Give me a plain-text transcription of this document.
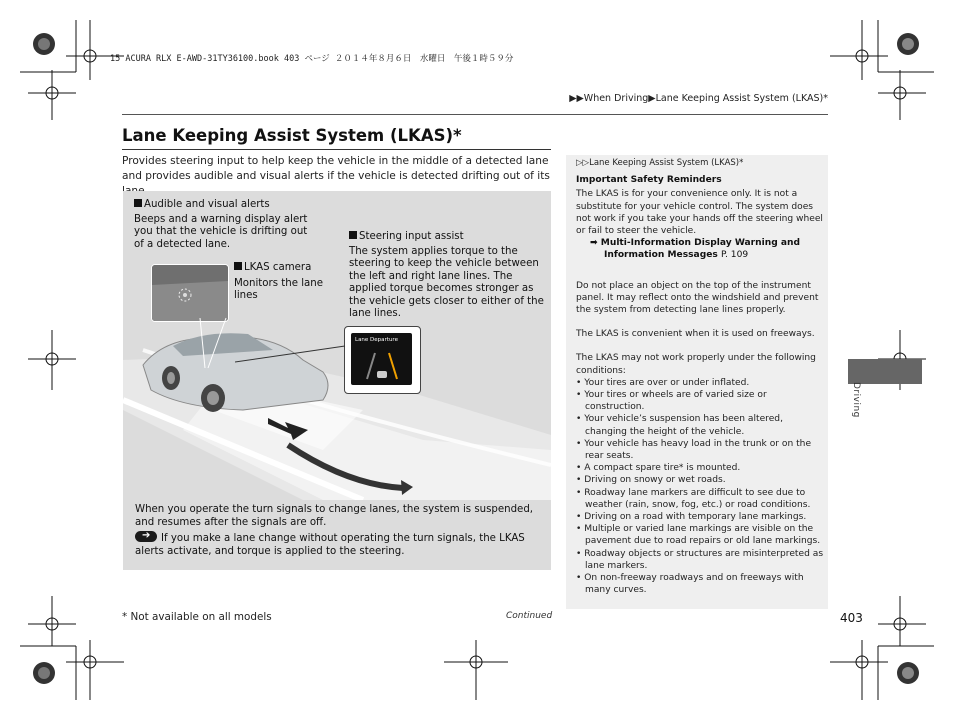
15 ACURA RLX E-AWD-31TY36100.book 403 ページ ２０１４年８月６日　水曜日　午後１時５９分
▶▶When Driving▶Lane Keeping Assist System (LKAS)*
Lane Keeping Assist System (LKAS)*
Provides steering input to help keep the vehicle in the middle of a detected lane and provides audible and visual alerts if the vehicle is detected drifting out of its
Lane Departure
Audible and visual alerts
Beeps and a warning display alert you that the vehicle is drifting out of a detected lane.
Steering input assist
The system applies torque to the steering to keep the vehicle between the left and right lane lines. The applied torque becomes stronger as the vehicle gets closer to either of the lane lines.
LKAS camera
Monitors the lane lines
When you operate the turn signals to change lanes, the system is suspended, and resumes after the signals are off.
➔ If you make a lane change without operating the turn signals, the LKAS alerts activate, and torque is applied to the steering.
▷▷Lane Keeping Assist System (LKAS)*
Important Safety Reminders

The LKAS is for your convenience only. It is not a substitute for your vehicle control. The system does not work if you take your hands off the steering wheel or fail to steer the vehicle.

➡ Multi-Information Display Warning and Information Messages P. 109

Do not place an object on the top of the instrument panel. It may reflect onto the windshield and prevent the system from detecting lane lines properly.

The LKAS is convenient when it is used on freeways.

The LKAS may not work properly under the following conditions:

• Your tires are over or under inflated.
• Your tires or wheels are of varied size or construction.
• Your vehicle’s suspension has been altered, changing the height of the vehicle.
• Your vehicle has heavy load in the trunk or on the rear seats.
• A compact spare tire* is mounted.
• Driving on snowy or wet roads.
• Roadway lane markers are difficult to see due to weather (rain, snow, fog, etc.) or road conditions.
• Driving on a road with temporary lane markings.
• Multiple or varied lane markings are visible on the pavement due to road repairs or old lane markings.
• Roadway objects or structures are misinterpreted as lane markers.
• On non-freeway roadways and on freeways with many curves.
Driving
* Not available on all models	Continued	403
